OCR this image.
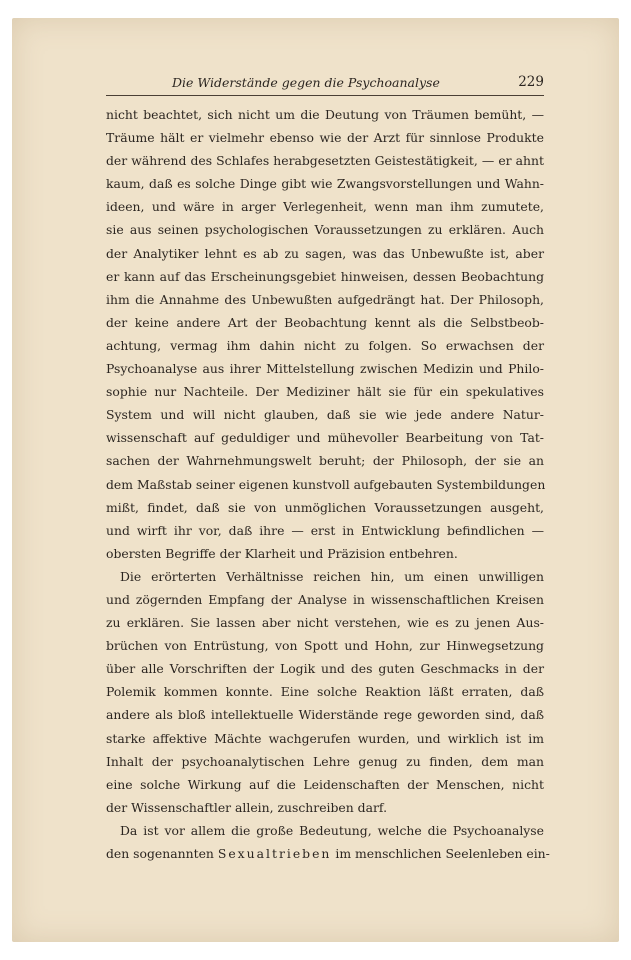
Die Widerstände gegen die Psychoanalyse	229
nicht beachtet, sich nicht um die Deutung von Träumen bemüht, —
Träume hält er vielmehr ebenso wie der Arzt für sinnlose Produkte
der während des Schlafes herabgesetzten Geistestätigkeit, — er ahnt
kaum, daß es solche Dinge gibt wie Zwangsvorstellungen und Wahn-
ideen, und wäre in arger Verlegenheit, wenn man ihm zumutete,
sie aus seinen psychologischen Voraussetzungen zu erklären. Auch
der Analytiker lehnt es ab zu sagen, was das Unbewußte ist, aber
er kann auf das Erscheinungsgebiet hinweisen, dessen Beobachtung
ihm die Annahme des Unbewußten aufgedrängt hat. Der Philosoph,
der keine andere Art der Beobachtung kennt als die Selbstbeob-
achtung, vermag ihm dahin nicht zu folgen. So erwachsen der
Psychoanalyse aus ihrer Mittelstellung zwischen Medizin und Philo-
sophie nur Nachteile. Der Mediziner hält sie für ein spekulatives
System und will nicht glauben, daß sie wie jede andere Natur-
wissenschaft auf geduldiger und mühevoller Bearbeitung von Tat-
sachen der Wahrnehmungswelt beruht; der Philosoph, der sie an
dem Maßstab seiner eigenen kunstvoll aufgebauten Systembildungen
mißt, findet, daß sie von unmöglichen Voraussetzungen ausgeht,
und wirft ihr vor, daß ihre — erst in Entwicklung befindlichen —
obersten Begriffe der Klarheit und Präzision entbehren.
Die erörterten Verhältnisse reichen hin, um einen unwilligen
und zögernden Empfang der Analyse in wissenschaftlichen Kreisen
zu erklären. Sie lassen aber nicht verstehen, wie es zu jenen Aus-
brüchen von Entrüstung, von Spott und Hohn, zur Hinwegsetzung
über alle Vorschriften der Logik und des guten Geschmacks in der
Polemik kommen konnte. Eine solche Reaktion läßt erraten, daß
andere als bloß intellektuelle Widerstände rege geworden sind, daß
starke affektive Mächte wachgerufen wurden, und wirklich ist im
Inhalt der psychoanalytischen Lehre genug zu finden, dem man
eine solche Wirkung auf die Leidenschaften der Menschen, nicht
der Wissenschaftler allein, zuschreiben darf.
Da ist vor allem die große Bedeutung, welche die Psychoanalyse
den sogenannten Sexualtrieben im menschlichen Seelenleben ein-
